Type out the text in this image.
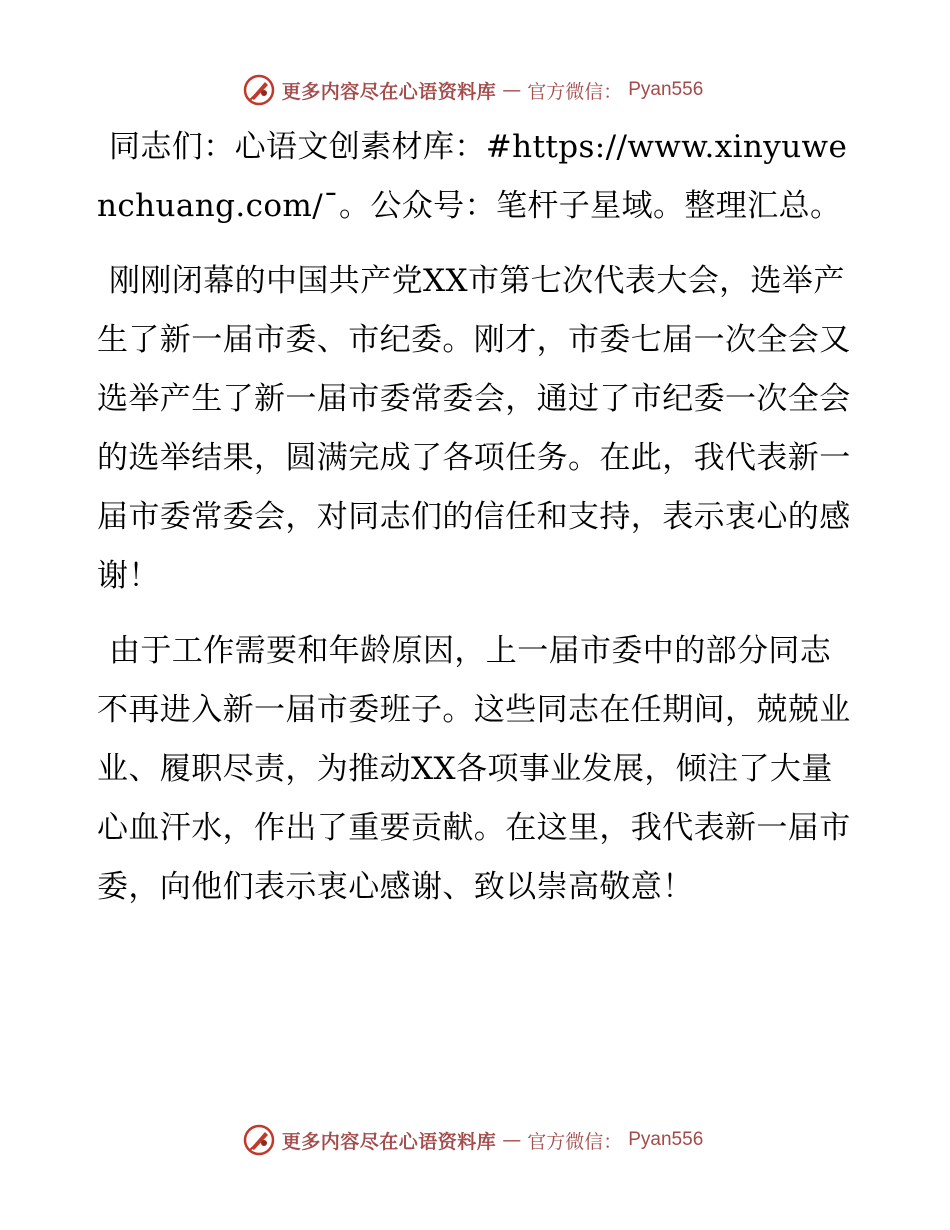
更多内容尽在心语资料库 — 官方微信： Pyan556

同志们：心语文创素材库：#https://www.xinyuwenchuang.com/¯。公众号：笔杆子星域。整理汇总。

刚刚闭幕的中国共产党XX市第七次代表大会，选举产生了新一届市委、市纪委。刚才，市委七届一次全会又选举产生了新一届市委常委会，通过了市纪委一次全会的选举结果，圆满完成了各项任务。在此，我代表新一届市委常委会，对同志们的信任和支持，表示衷心的感谢！

由于工作需要和年龄原因，上一届市委中的部分同志不再进入新一届市委班子。这些同志在任期间，兢兢业业、履职尽责，为推动XX各项事业发展，倾注了大量心血汗水，作出了重要贡献。在这里，我代表新一届市委，向他们表示衷心感谢、致以崇高敬意！

更多内容尽在心语资料库 — 官方微信： Pyan556
